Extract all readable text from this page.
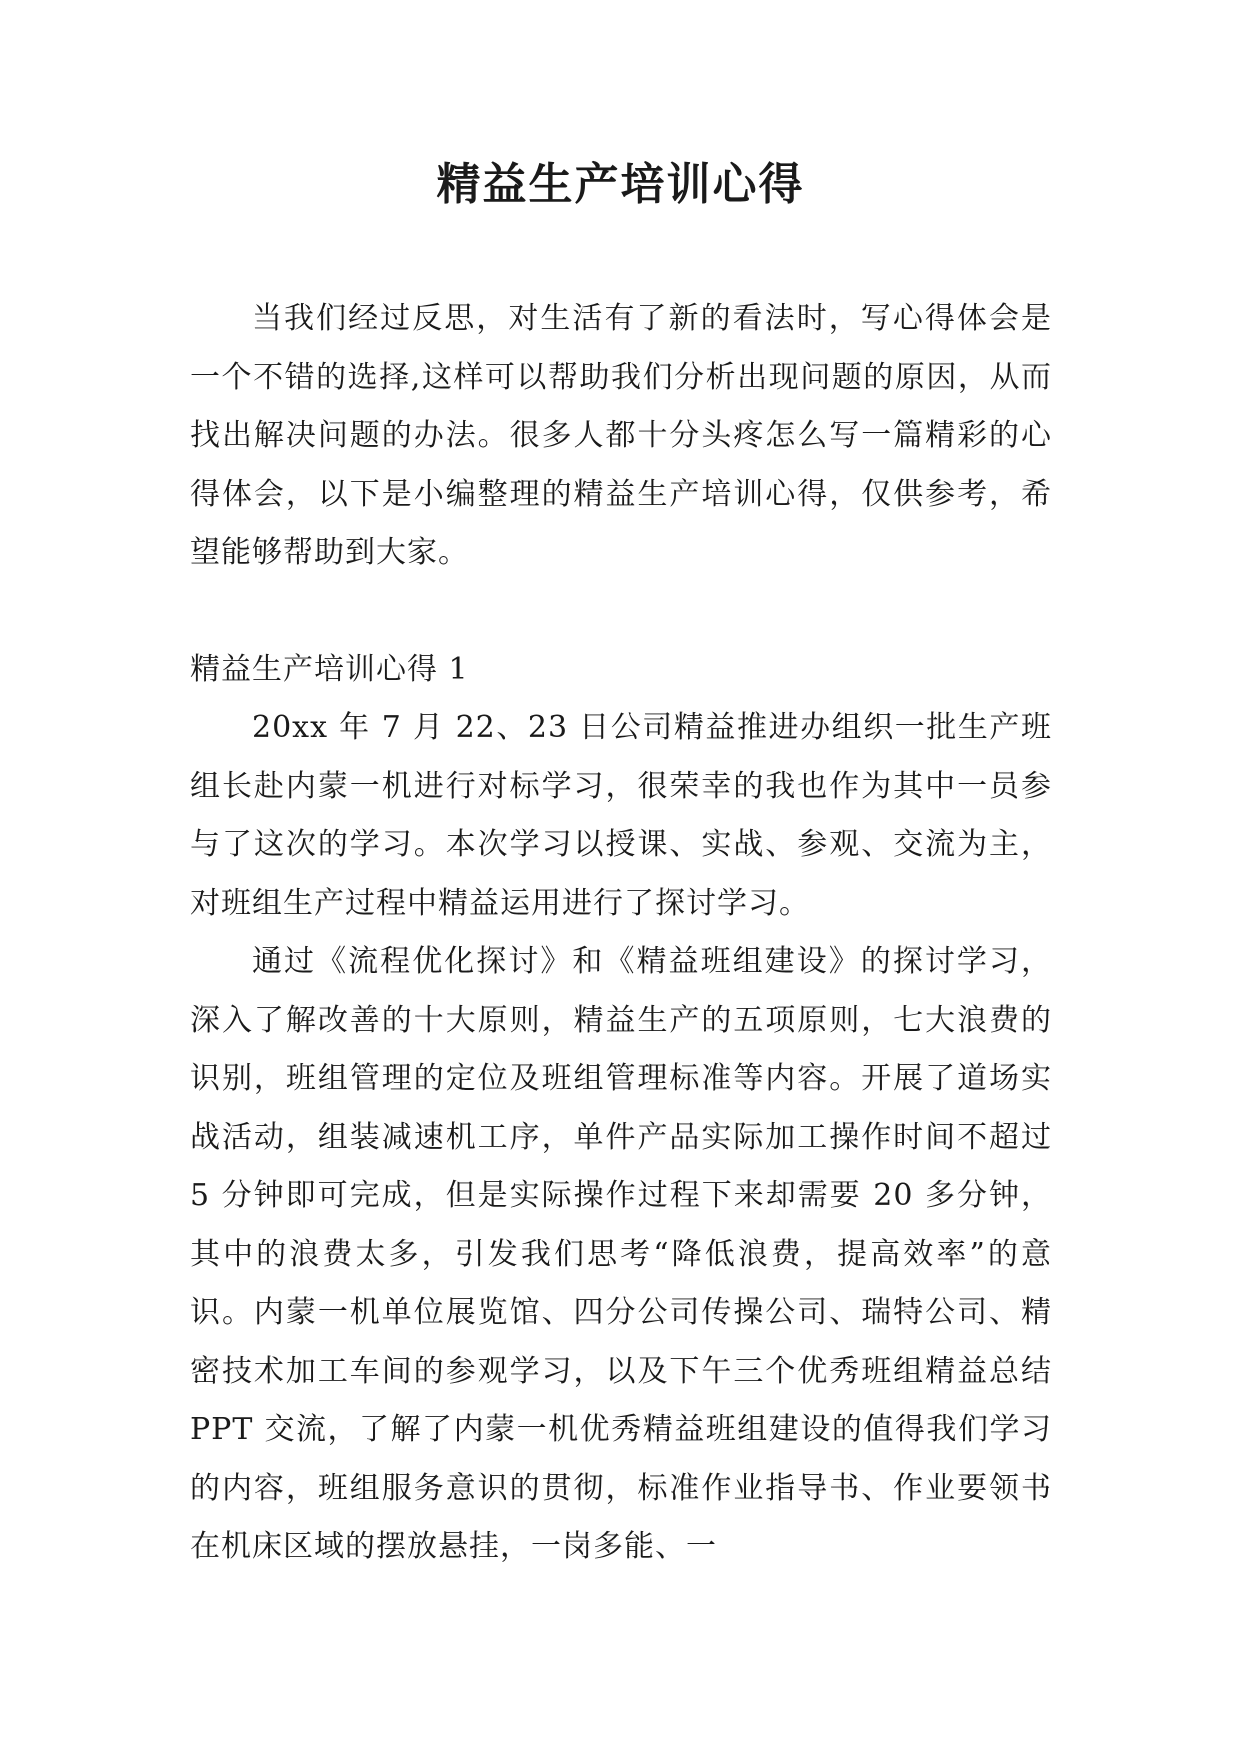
精益生产培训心得

当我们经过反思，对生活有了新的看法时，写心得体会是一个不错的选择,这样可以帮助我们分析出现问题的原因，从而找出解决问题的办法。很多人都十分头疼怎么写一篇精彩的心得体会，以下是小编整理的精益生产培训心得，仅供参考，希望能够帮助到大家。

精益生产培训心得 1

20xx 年 7 月 22、23 日公司精益推进办组织一批生产班组长赴内蒙一机进行对标学习，很荣幸的我也作为其中一员参与了这次的学习。本次学习以授课、实战、参观、交流为主，对班组生产过程中精益运用进行了探讨学习。

通过《流程优化探讨》和《精益班组建设》的探讨学习，深入了解改善的十大原则，精益生产的五项原则，七大浪费的识别，班组管理的定位及班组管理标准等内容。开展了道场实战活动，组装减速机工序，单件产品实际加工操作时间不超过 5 分钟即可完成，但是实际操作过程下来却需要 20 多分钟，其中的浪费太多，引发我们思考“降低浪费，提高效率”的意识。内蒙一机单位展览馆、四分公司传操公司、瑞特公司、精密技术加工车间的参观学习，以及下午三个优秀班组精益总结 PPT 交流，了解了内蒙一机优秀精益班组建设的值得我们学习的内容，班组服务意识的贯彻，标准作业指导书、作业要领书在机床区域的摆放悬挂，一岗多能、一
